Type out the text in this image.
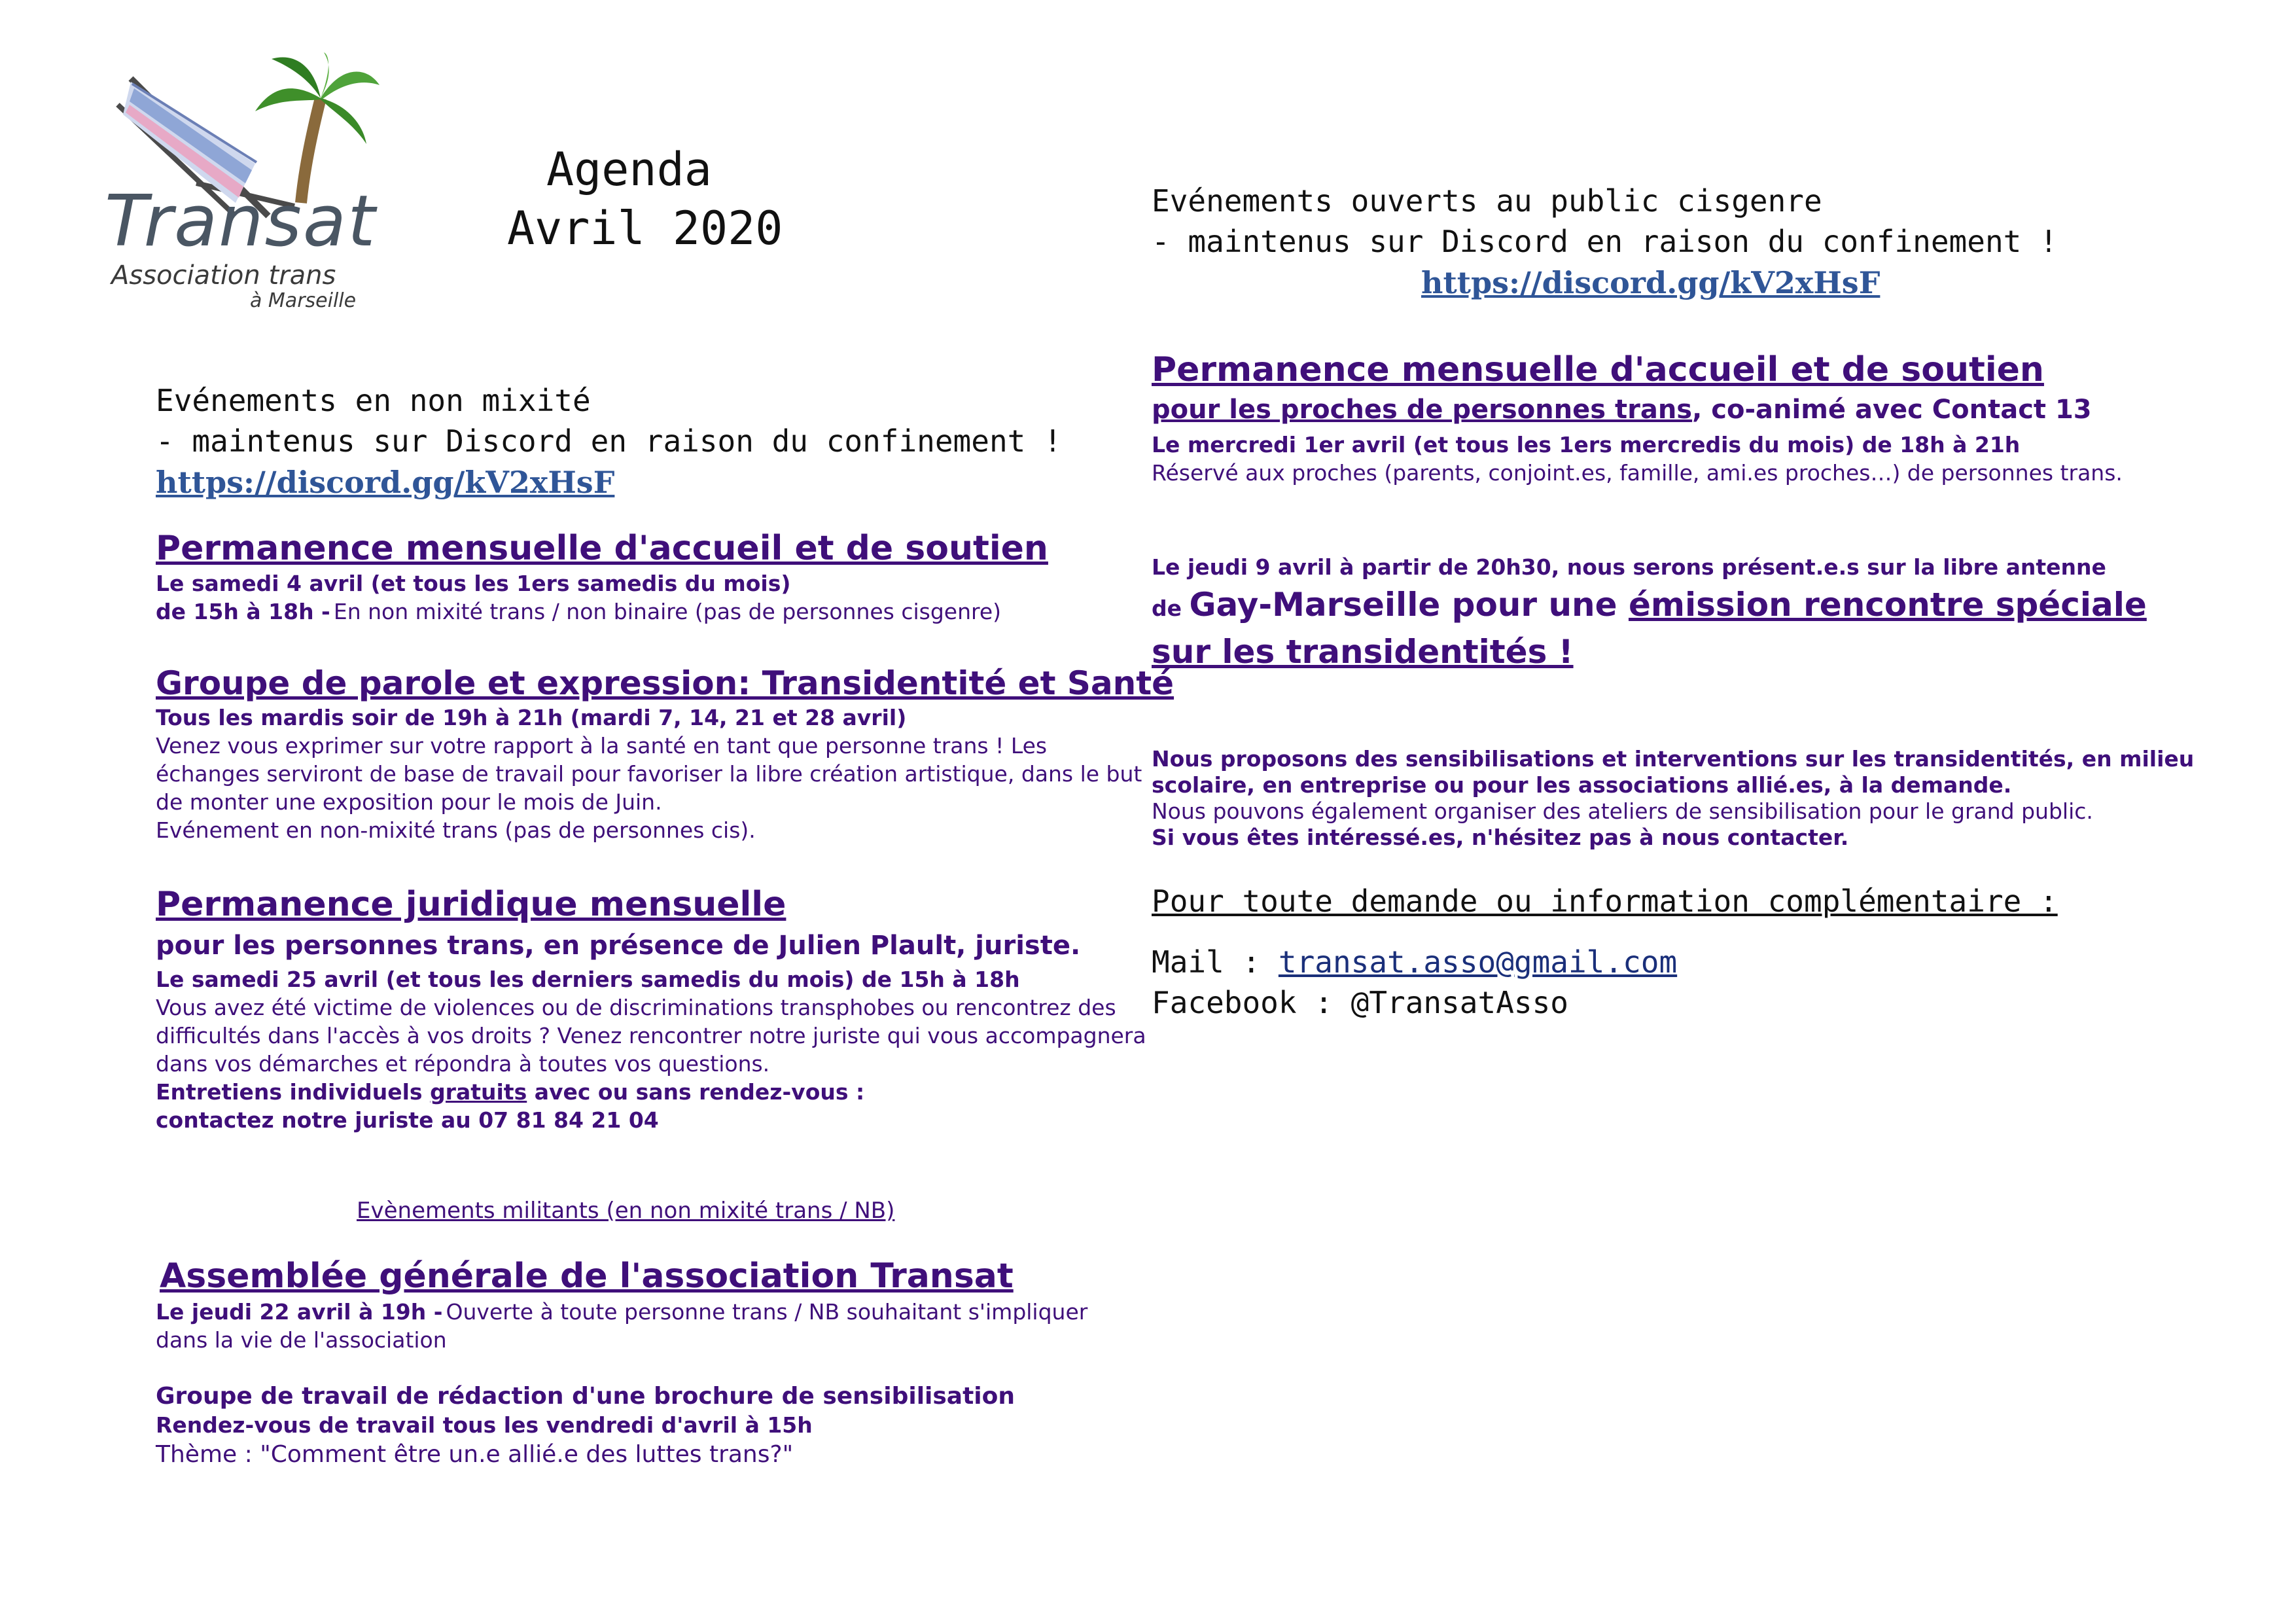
Transat
Association trans
à Marseille
Agenda
Avril 2020
Evénements en non mixité
- maintenus sur Discord en raison du confinement !
https://discord.gg/kV2xHsF
Permanence mensuelle d'accueil et de soutien
Le samedi 4 avril (et tous les 1ers samedis du mois)
de 15h à 18h - En non mixité trans / non binaire (pas de personnes cisgenre)
Groupe de parole et expression: Transidentité et Santé
Tous les mardis soir de 19h à 21h (mardi 7, 14, 21 et 28 avril)
Venez vous exprimer sur votre rapport à la santé en tant que personne trans ! Les
échanges serviront de base de travail pour favoriser la libre création artistique, dans le but
de monter une exposition pour le mois de Juin.
Evénement en non-mixité trans (pas de personnes cis).
Permanence juridique mensuelle
pour les personnes trans, en présence de Julien Plault, juriste.
Le samedi 25 avril (et tous les derniers samedis du mois) de 15h à 18h
Vous avez été victime de violences ou de discriminations transphobes ou rencontrez des
difficultés dans l'accès à vos droits ? Venez rencontrer notre juriste qui vous accompagnera
dans vos démarches et répondra à toutes vos questions.
Entretiens individuels gratuits avec ou sans rendez-vous :
contactez notre juriste au 07 81 84 21 04
Evènements militants (en non mixité trans / NB)
Assemblée générale de l'association Transat
Le jeudi 22 avril à 19h - Ouverte à toute personne trans / NB souhaitant s'impliquer
dans la vie de l'association
Groupe de travail de rédaction d'une brochure de sensibilisation
Rendez-vous de travail tous les vendredi d'avril à 15h
Thème : "Comment être un.e allié.e des luttes trans?"
Evénements ouverts au public cisgenre
- maintenus sur Discord en raison du confinement !
https://discord.gg/kV2xHsF
Permanence mensuelle d'accueil et de soutien
pour les proches de personnes trans, co-animé avec Contact 13
Le mercredi 1er avril (et tous les 1ers mercredis du mois) de 18h à 21h
Réservé aux proches (parents, conjoint.es, famille, ami.es proches…) de personnes trans.
Le jeudi 9 avril à partir de 20h30, nous serons présent.e.s sur la libre antenne
de Gay-Marseille pour une émission rencontre spéciale
sur les transidentités !
Nous proposons des sensibilisations et interventions sur les transidentités, en milieu
scolaire, en entreprise ou pour les associations allié.es, à la demande.
Nous pouvons également organiser des ateliers de sensibilisation pour le grand public.
Si vous êtes intéressé.es, n'hésitez pas à nous contacter.
Pour toute demande ou information complémentaire :
Mail : transat.asso@gmail.com
Facebook : @TransatAsso
